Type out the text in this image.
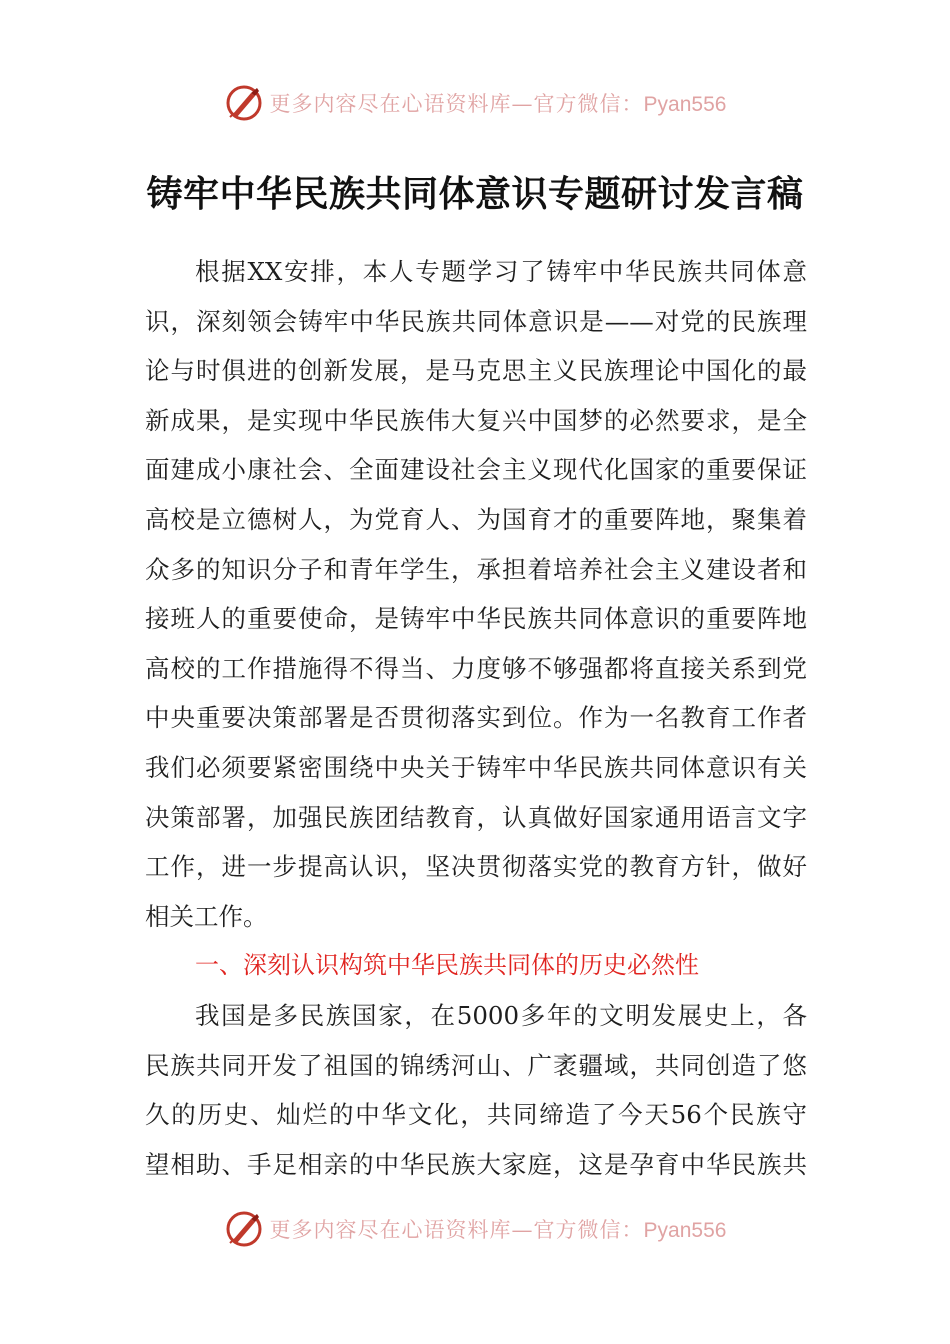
更多内容尽在心语资料库—官方微信：Pyan556
铸牢中华民族共同体意识专题研讨发言稿
根据XX安排，本人专题学习了铸牢中华民族共同体意
识，深刻领会铸牢中华民族共同体意识是——对党的民族理
论与时俱进的创新发展，是马克思主义民族理论中国化的最
新成果，是实现中华民族伟大复兴中国梦的必然要求，是全
面建成小康社会、全面建设社会主义现代化国家的重要保证
高校是立德树人，为党育人、为国育才的重要阵地，聚集着
众多的知识分子和青年学生，承担着培养社会主义建设者和
接班人的重要使命，是铸牢中华民族共同体意识的重要阵地
高校的工作措施得不得当、力度够不够强都将直接关系到党
中央重要决策部署是否贯彻落实到位。作为一名教育工作者
我们必须要紧密围绕中央关于铸牢中华民族共同体意识有关
决策部署，加强民族团结教育，认真做好国家通用语言文字
工作，进一步提高认识，坚决贯彻落实党的教育方针，做好
相关工作。
一、深刻认识构筑中华民族共同体的历史必然性
我国是多民族国家，在5000多年的文明发展史上，各
民族共同开发了祖国的锦绣河山、广袤疆域，共同创造了悠
久的历史、灿烂的中华文化，共同缔造了今天56个民族守
望相助、手足相亲的中华民族大家庭，这是孕育中华民族共
更多内容尽在心语资料库—官方微信：Pyan556
